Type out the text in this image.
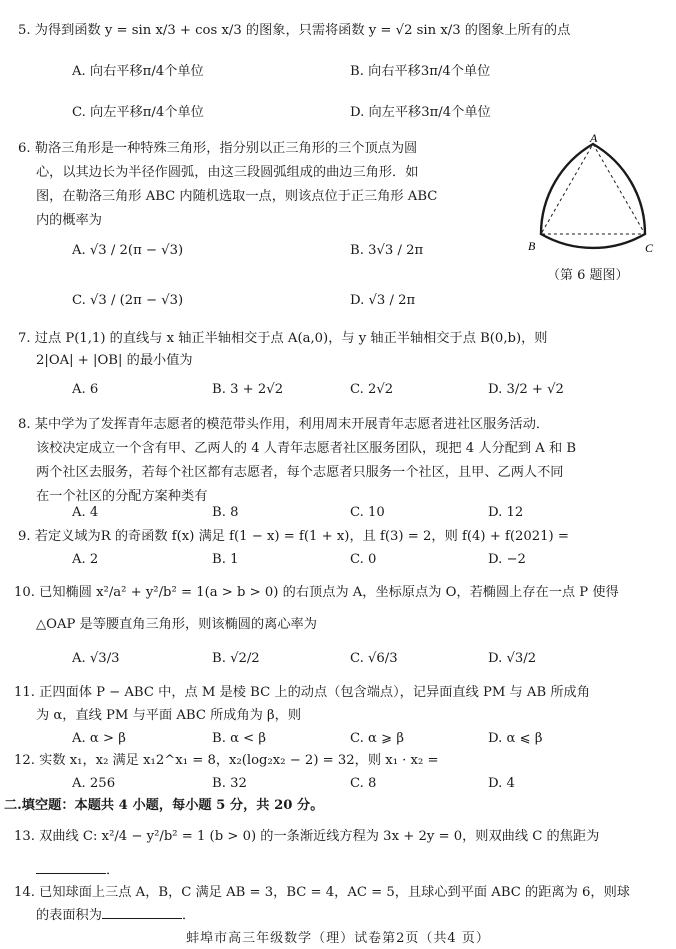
5. 为得到函数 y = sin x/3 + cos x/3 的图象，只需将函数 y = √2 sin x/3 的图象上所有的点
A. 向右平移π/4个单位	B. 向右平移3π/4个单位
C. 向左平移π/4个单位	D. 向左平移3π/4个单位
6. 勒洛三角形是一种特殊三角形，指分别以正三角形的三个顶点为圆
心，以其边长为半径作圆弧，由这三段圆弧组成的曲边三角形．如
图，在勒洛三角形 ABC 内随机选取一点，则该点位于正三角形 ABC
内的概率为
A. √3 / 2(π − √3)	B. 3√3 / 2π
C. √3 / (2π − √3)	D. √3 / 2π
A
B	C
（第 6 题图）
7. 过点 P(1,1) 的直线与 x 轴正半轴相交于点 A(a,0)，与 y 轴正半轴相交于点 B(0,b)，则
2|OA| + |OB| 的最小值为
A. 6	B. 3 + 2√2	C. 2√2	D. 3/2 + √2
8. 某中学为了发挥青年志愿者的模范带头作用，利用周末开展青年志愿者进社区服务活动．
该校决定成立一个含有甲、乙两人的 4 人青年志愿者社区服务团队，现把 4 人分配到 A 和 B
两个社区去服务，若每个社区都有志愿者，每个志愿者只服务一个社区，且甲、乙两人不同
在一个社区的分配方案种类有
A. 4	B. 8	C. 10	D. 12
9. 若定义域为R 的奇函数 f(x) 满足 f(1 − x) = f(1 + x)，且 f(3) = 2，则 f(4) + f(2021) =
A. 2	B. 1	C. 0	D. −2
10. 已知椭圆 x²/a² + y²/b² = 1(a > b > 0) 的右顶点为 A，坐标原点为 O，若椭圆上存在一点 P 使得
△OAP 是等腰直角三角形，则该椭圆的离心率为
A. √3/3	B. √2/2	C. √6/3	D. √3/2
11. 正四面体 P − ABC 中，点 M 是棱 BC 上的动点（包含端点），记异面直线 PM 与 AB 所成角
为 α，直线 PM 与平面 ABC 所成角为 β，则
A. α > β	B. α < β	C. α ⩾ β	D. α ⩽ β
12. 实数 x₁，x₂ 满足 x₁2^x₁ = 8，x₂(log₂x₂ − 2) = 32，则 x₁ · x₂ =
A. 256	B. 32	C. 8	D. 4
二.填空题：本题共 4 小题，每小题 5 分，共 20 分。
13. 双曲线 C: x²/4 − y²/b² = 1 (b > 0) 的一条渐近线方程为 3x + 2y = 0，则双曲线 C 的焦距为
．
14. 已知球面上三点 A，B，C 满足 AB = 3，BC = 4，AC = 5，且球心到平面 ABC 的距离为 6，则球
的表面积为	．
蚌埠市高三年级数学（理）试卷第2页（共4 页）
